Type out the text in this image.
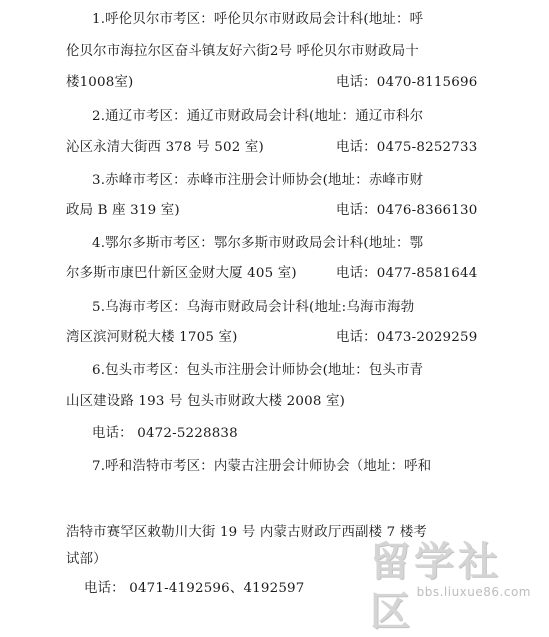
1.呼伦贝尔市考区：呼伦贝尔市财政局会计科(地址：呼
伦贝尔市海拉尔区奋斗镇友好六街2号 呼伦贝尔市财政局十
楼1008室)	电话：0470-8115696
2.通辽市考区：通辽市财政局会计科(地址：通辽市科尔
沁区永清大街西 378 号 502 室)	电话：0475-8252733
3.赤峰市考区：赤峰市注册会计师协会(地址：赤峰市财
政局 B 座 319 室)	电话：0476-8366130
4.鄂尔多斯市考区：鄂尔多斯市财政局会计科(地址：鄂
尔多斯市康巴什新区金财大厦 405 室)	电话：0477-8581644
5.乌海市考区：乌海市财政局会计科(地址:乌海市海勃
湾区滨河财税大楼 1705 室)	电话：0473-2029259
6.包头市考区：包头市注册会计师协会(地址：包头市青
山区建设路 193 号 包头市财政大楼 2008 室)
电话： 0472-5228838
7.呼和浩特市考区：内蒙古注册会计师协会（地址：呼和
浩特市赛罕区敕勒川大街 19 号 内蒙古财政厅西副楼 7 楼考
试部）
电话： 0471-4192596、4192597
留学社区 bbs.liuxue86.com
